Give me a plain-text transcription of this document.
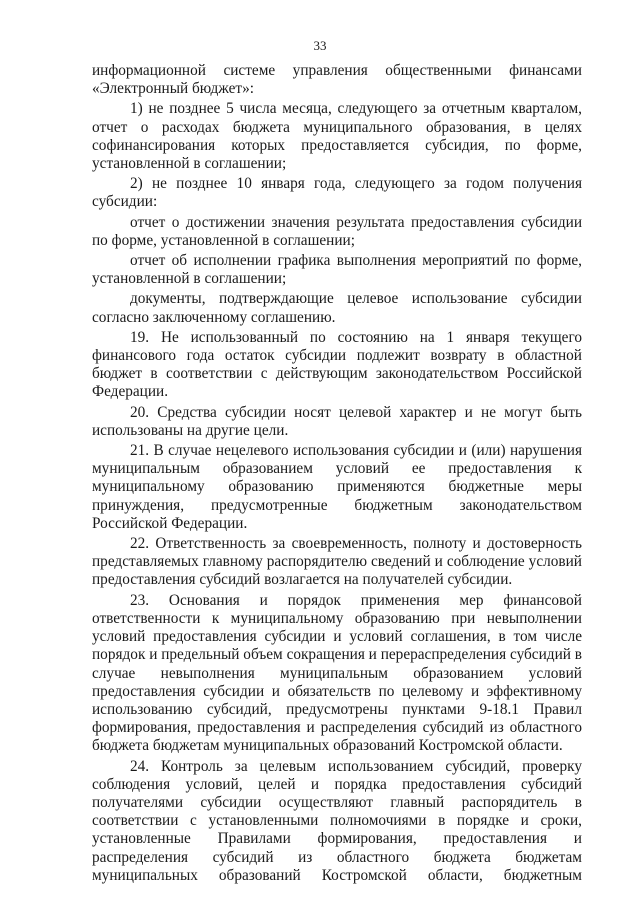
33

информационной системе управления общественными финансами «Электронный бюджет»:

1) не позднее 5 числа месяца, следующего за отчетным кварталом, отчет о расходах бюджета муниципального образования, в целях софинансирования которых предоставляется субсидия, по форме, установленной в соглашении;

2) не позднее 10 января года, следующего за годом получения субсидии:

отчет о достижении значения результата предоставления субсидии по форме, установленной в соглашении;

отчет об исполнении графика выполнения мероприятий по форме, установленной в соглашении;

документы, подтверждающие целевое использование субсидии согласно заключенному соглашению.

19. Не использованный по состоянию на 1 января текущего финансового года остаток субсидии подлежит возврату в областной бюджет в соответствии с действующим законодательством Российской Федерации.

20. Средства субсидии носят целевой характер и не могут быть использованы на другие цели.

21. В случае нецелевого использования субсидии и (или) нарушения муниципальным образованием условий ее предоставления к муниципальному образованию применяются бюджетные меры принуждения, предусмотренные бюджетным законодательством Российской Федерации.

22. Ответственность за своевременность, полноту и достоверность представляемых главному распорядителю сведений и соблюдение условий предоставления субсидий возлагается на получателей субсидии.

23. Основания и порядок применения мер финансовой ответственности к муниципальному образованию при невыполнении условий предоставления субсидии и условий соглашения, в том числе порядок и предельный объем сокращения и перераспределения субсидий в случае невыполнения муниципальным образованием условий предоставления субсидии и обязательств по целевому и эффективному использованию субсидий, предусмотрены пунктами 9-18.1 Правил формирования, предоставления и распределения субсидий из областного бюджета бюджетам муниципальных образований Костромской области.

24. Контроль за целевым использованием субсидий, проверку соблюдения условий, целей и порядка предоставления субсидий получателями субсидии осуществляют главный распорядитель в соответствии с установленными полномочиями в порядке и сроки, установленные Правилами формирования, предоставления и распределения субсидий из областного бюджета бюджетам муниципальных образований Костромской области, бюджетным
